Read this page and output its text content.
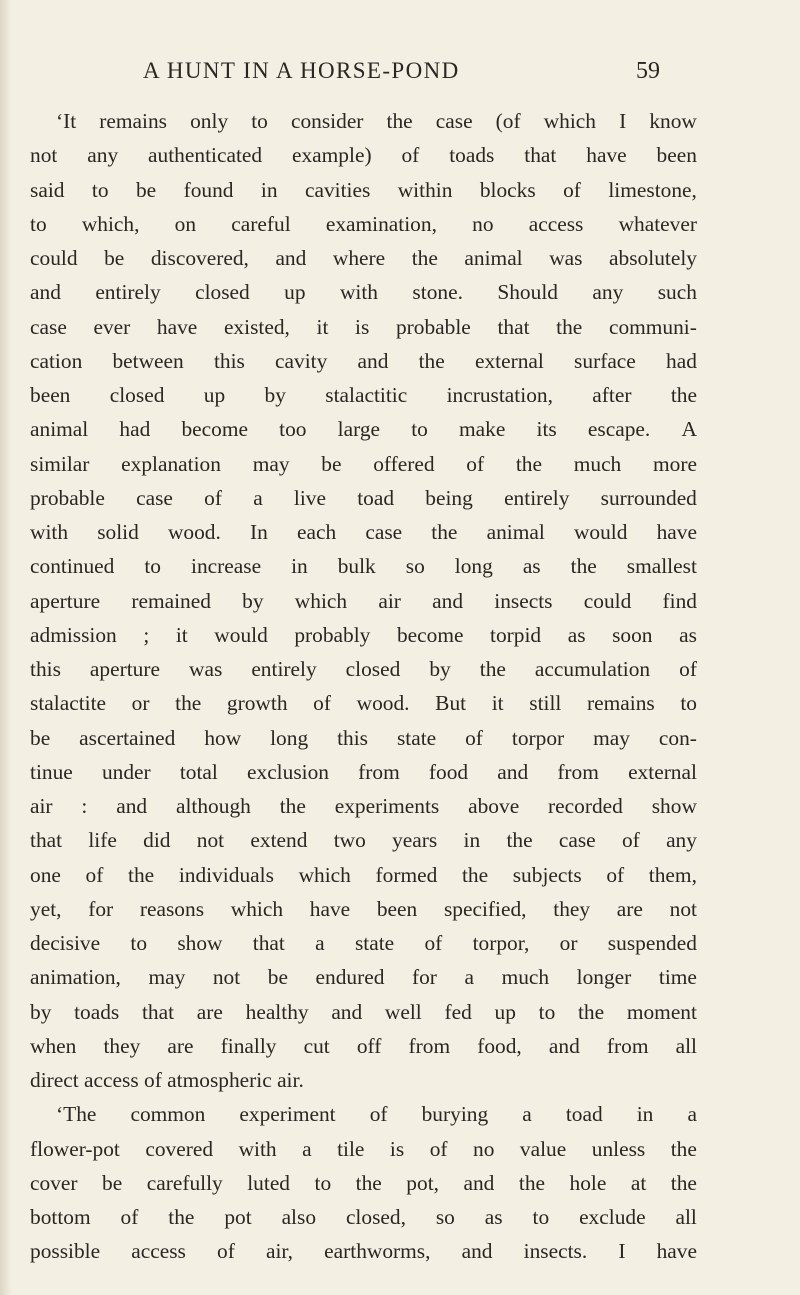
A HUNT IN A HORSE-POND	59
‘It remains only to consider the case (of which I know
not any authenticated example) of toads that have been
said to be found in cavities within blocks of limestone,
to which, on careful examination, no access whatever
could be discovered, and where the animal was absolutely
and entirely closed up with stone. Should any such
case ever have existed, it is probable that the communi-
cation between this cavity and the external surface had
been closed up by stalactitic incrustation, after the
animal had become too large to make its escape. A
similar explanation may be offered of the much more
probable case of a live toad being entirely surrounded
with solid wood. In each case the animal would have
continued to increase in bulk so long as the smallest
aperture remained by which air and insects could find
admission ; it would probably become torpid as soon as
this aperture was entirely closed by the accumulation of
stalactite or the growth of wood. But it still remains to
be ascertained how long this state of torpor may con-
tinue under total exclusion from food and from external
air : and although the experiments above recorded show
that life did not extend two years in the case of any
one of the individuals which formed the subjects of them,
yet, for reasons which have been specified, they are not
decisive to show that a state of torpor, or suspended
animation, may not be endured for a much longer time
by toads that are healthy and well fed up to the moment
when they are finally cut off from food, and from all
direct access of atmospheric air.
‘The common experiment of burying a toad in a
flower-pot covered with a tile is of no value unless the
cover be carefully luted to the pot, and the hole at the
bottom of the pot also closed, so as to exclude all
possible access of air, earthworms, and insects. I have
